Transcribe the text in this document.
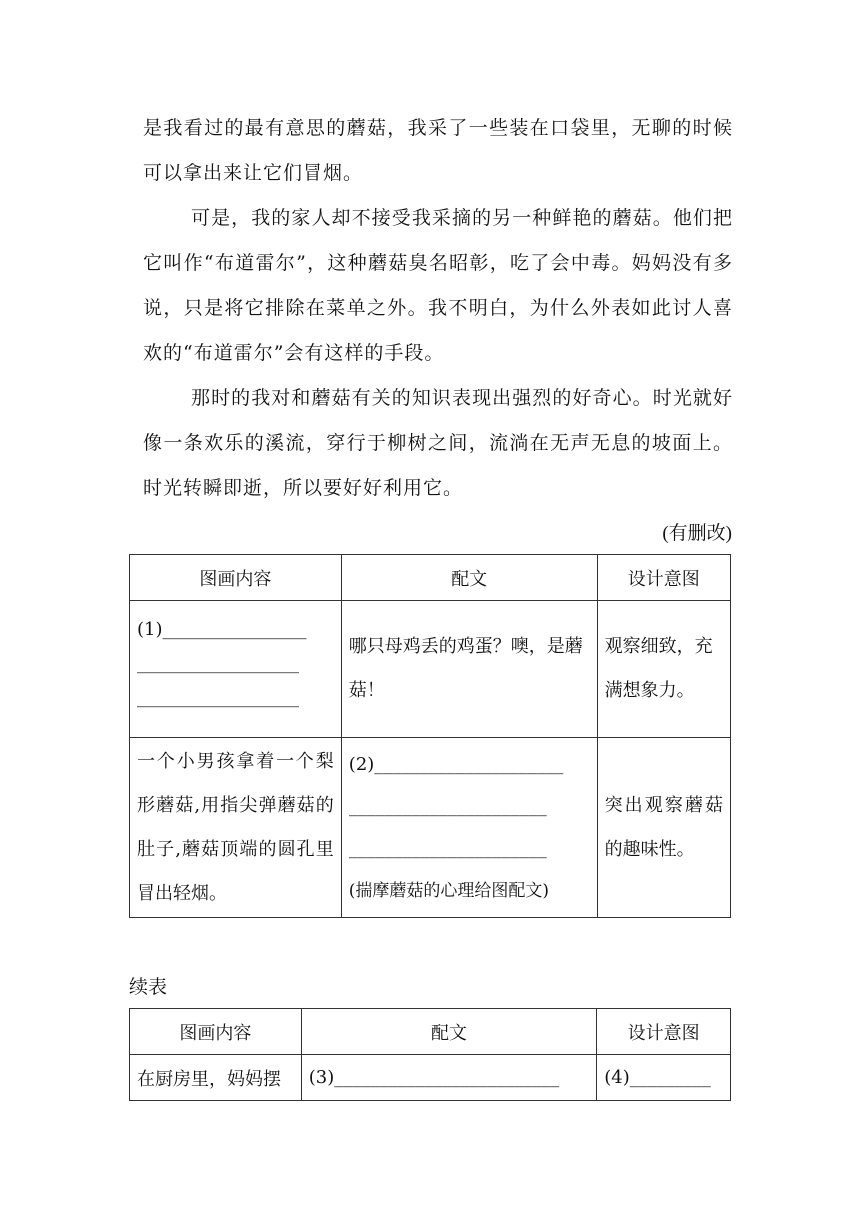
是我看过的最有意思的蘑菇，我采了一些装在口袋里，无聊的时候可以拿出来让它们冒烟。

可是，我的家人却不接受我采摘的另一种鲜艳的蘑菇。他们把它叫作“布道雷尔”，这种蘑菇臭名昭彰，吃了会中毒。妈妈没有多说，只是将它排除在菜单之外。我不明白，为什么外表如此讨人喜欢的“布道雷尔”会有这样的手段。

那时的我对和蘑菇有关的知识表现出强烈的好奇心。时光就好像一条欢乐的溪流，穿行于柳树之间，流淌在无声无息的坡面上。时光转瞬即逝，所以要好好利用它。

(有删改)
图画内容	配文	设计意图

(1)________________
__________________
__________________	哪只母鸡丢的鸡蛋？噢，是蘑菇！	观察细致，充满想象力。
一个小男孩拿着一个梨形蘑菇,用指尖弹蘑菇的肚子,蘑菇顶端的圆孔里冒出轻烟。	(2)_____________________
______________________
______________________
(揣摩蘑菇的心理给图配文)	突出观察蘑菇的趣味性。
续表
图画内容	配文	设计意图
在厨房里，妈妈摆	(3)_________________________	(4)_________
